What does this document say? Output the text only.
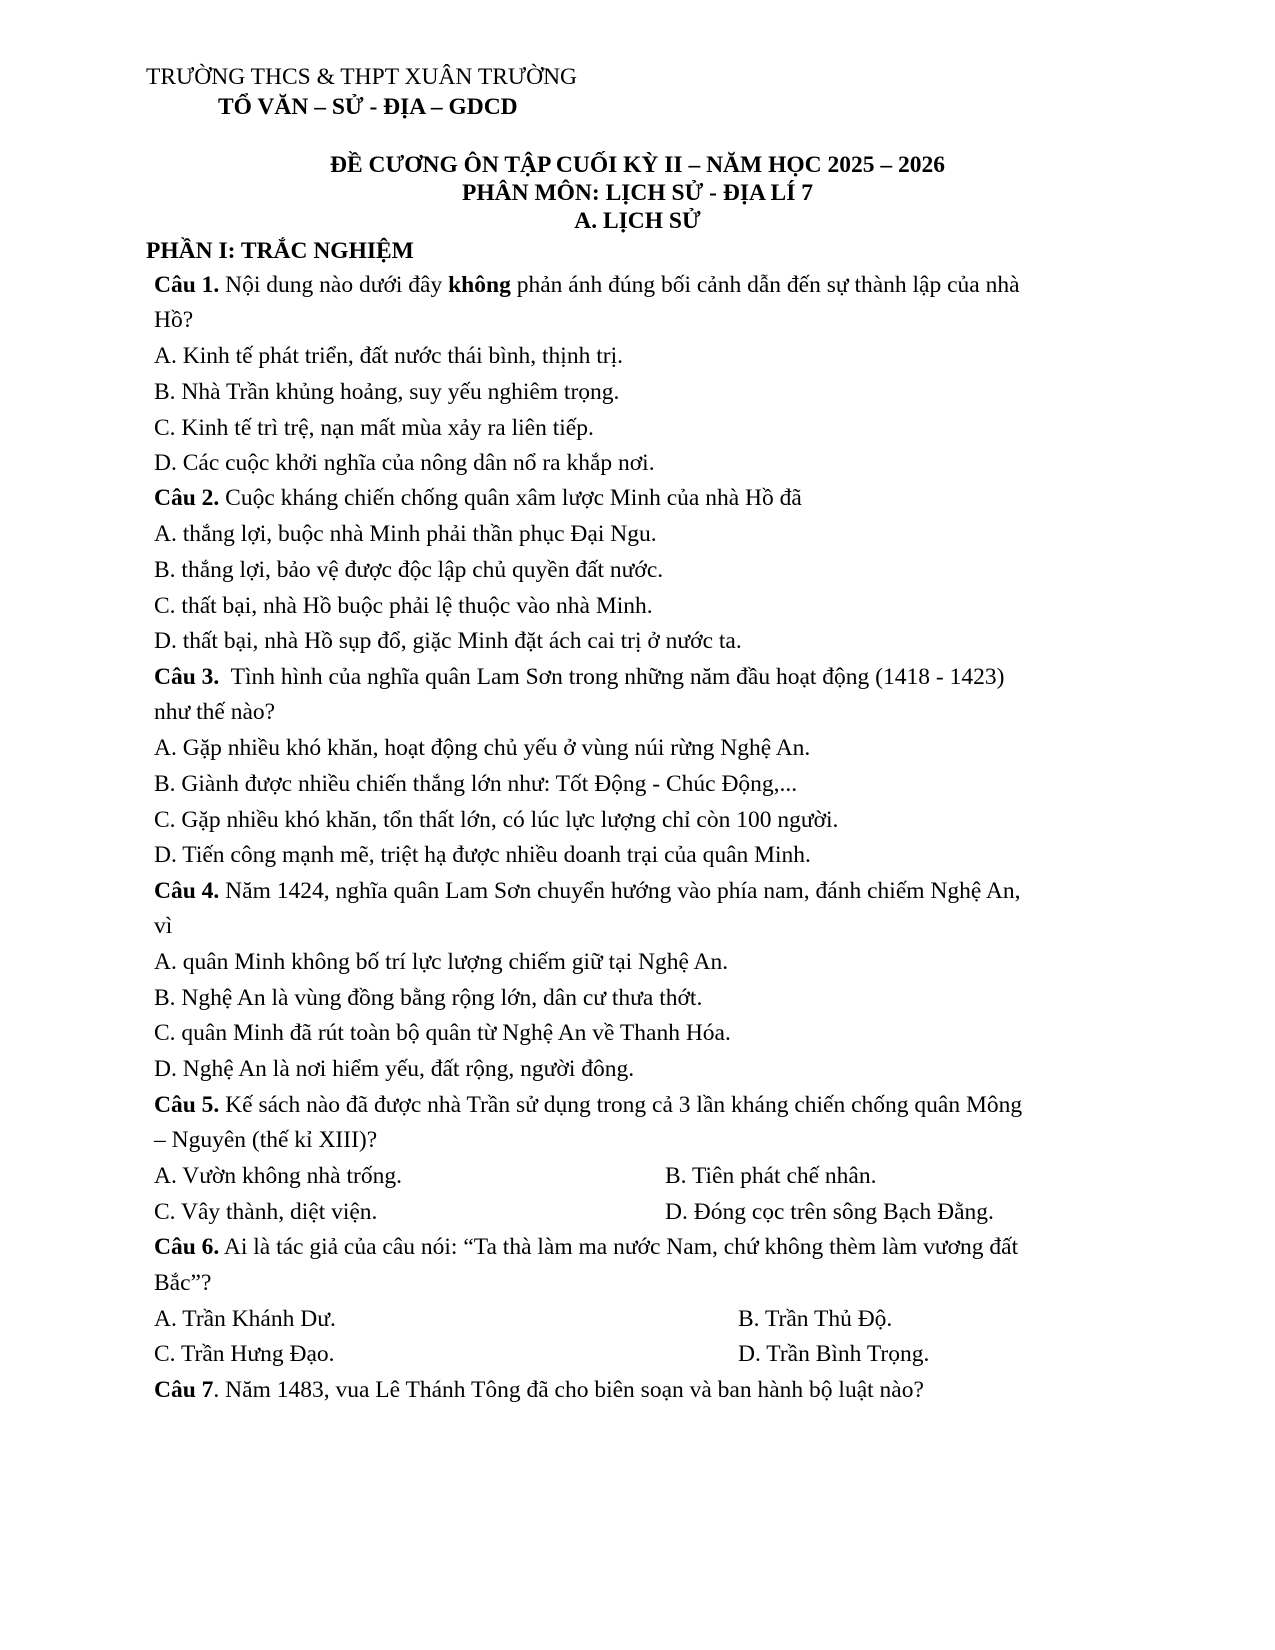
TRƯỜNG THCS & THPT XUÂN TRƯỜNG
TỔ VĂN – SỬ - ĐỊA – GDCD
ĐỀ CƯƠNG ÔN TẬP CUỐI KỲ II – NĂM HỌC 2025 – 2026
PHÂN MÔN: LỊCH SỬ - ĐỊA LÍ 7
A. LỊCH SỬ
PHẦN I: TRẮC NGHIỆM
Câu 1. Nội dung nào dưới đây không phản ánh đúng bối cảnh dẫn đến sự thành lập của nhà
Hồ?
A. Kinh tế phát triển, đất nước thái bình, thịnh trị.
B. Nhà Trần khủng hoảng, suy yếu nghiêm trọng.
C. Kinh tế trì trệ, nạn mất mùa xảy ra liên tiếp.
D. Các cuộc khởi nghĩa của nông dân nổ ra khắp nơi.
Câu 2. Cuộc kháng chiến chống quân xâm lược Minh của nhà Hồ đã
A. thắng lợi, buộc nhà Minh phải thần phục Đại Ngu.
B. thắng lợi, bảo vệ được độc lập chủ quyền đất nước.
C. thất bại, nhà Hồ buộc phải lệ thuộc vào nhà Minh.
D. thất bại, nhà Hồ sụp đổ, giặc Minh đặt ách cai trị ở nước ta.
Câu 3.  Tình hình của nghĩa quân Lam Sơn trong những năm đầu hoạt động (1418 - 1423)
như thế nào?
A. Gặp nhiều khó khăn, hoạt động chủ yếu ở vùng núi rừng Nghệ An.
B. Giành được nhiều chiến thắng lớn như: Tốt Động - Chúc Động,...
C. Gặp nhiều khó khăn, tổn thất lớn, có lúc lực lượng chỉ còn 100 người.
D. Tiến công mạnh mẽ, triệt hạ được nhiều doanh trại của quân Minh.
Câu 4. Năm 1424, nghĩa quân Lam Sơn chuyển hướng vào phía nam, đánh chiếm Nghệ An,
vì
A. quân Minh không bố trí lực lượng chiếm giữ tại Nghệ An.
B. Nghệ An là vùng đồng bằng rộng lớn, dân cư thưa thớt.
C. quân Minh đã rút toàn bộ quân từ Nghệ An về Thanh Hóa.
D. Nghệ An là nơi hiểm yếu, đất rộng, người đông.
Câu 5. Kế sách nào đã được nhà Trần sử dụng trong cả 3 lần kháng chiến chống quân Mông
– Nguyên (thế kỉ XIII)?
A. Vườn không nhà trống.	B. Tiên phát chế nhân.
C. Vây thành, diệt viện.	D. Đóng cọc trên sông Bạch Đằng.
Câu 6. Ai là tác giả của câu nói: “Ta thà làm ma nước Nam, chứ không thèm làm vương đất
Bắc”?
A. Trần Khánh Dư.	B. Trần Thủ Độ.
C. Trần Hưng Đạo.	D. Trần Bình Trọng.
Câu 7. Năm 1483, vua Lê Thánh Tông đã cho biên soạn và ban hành bộ luật nào?
